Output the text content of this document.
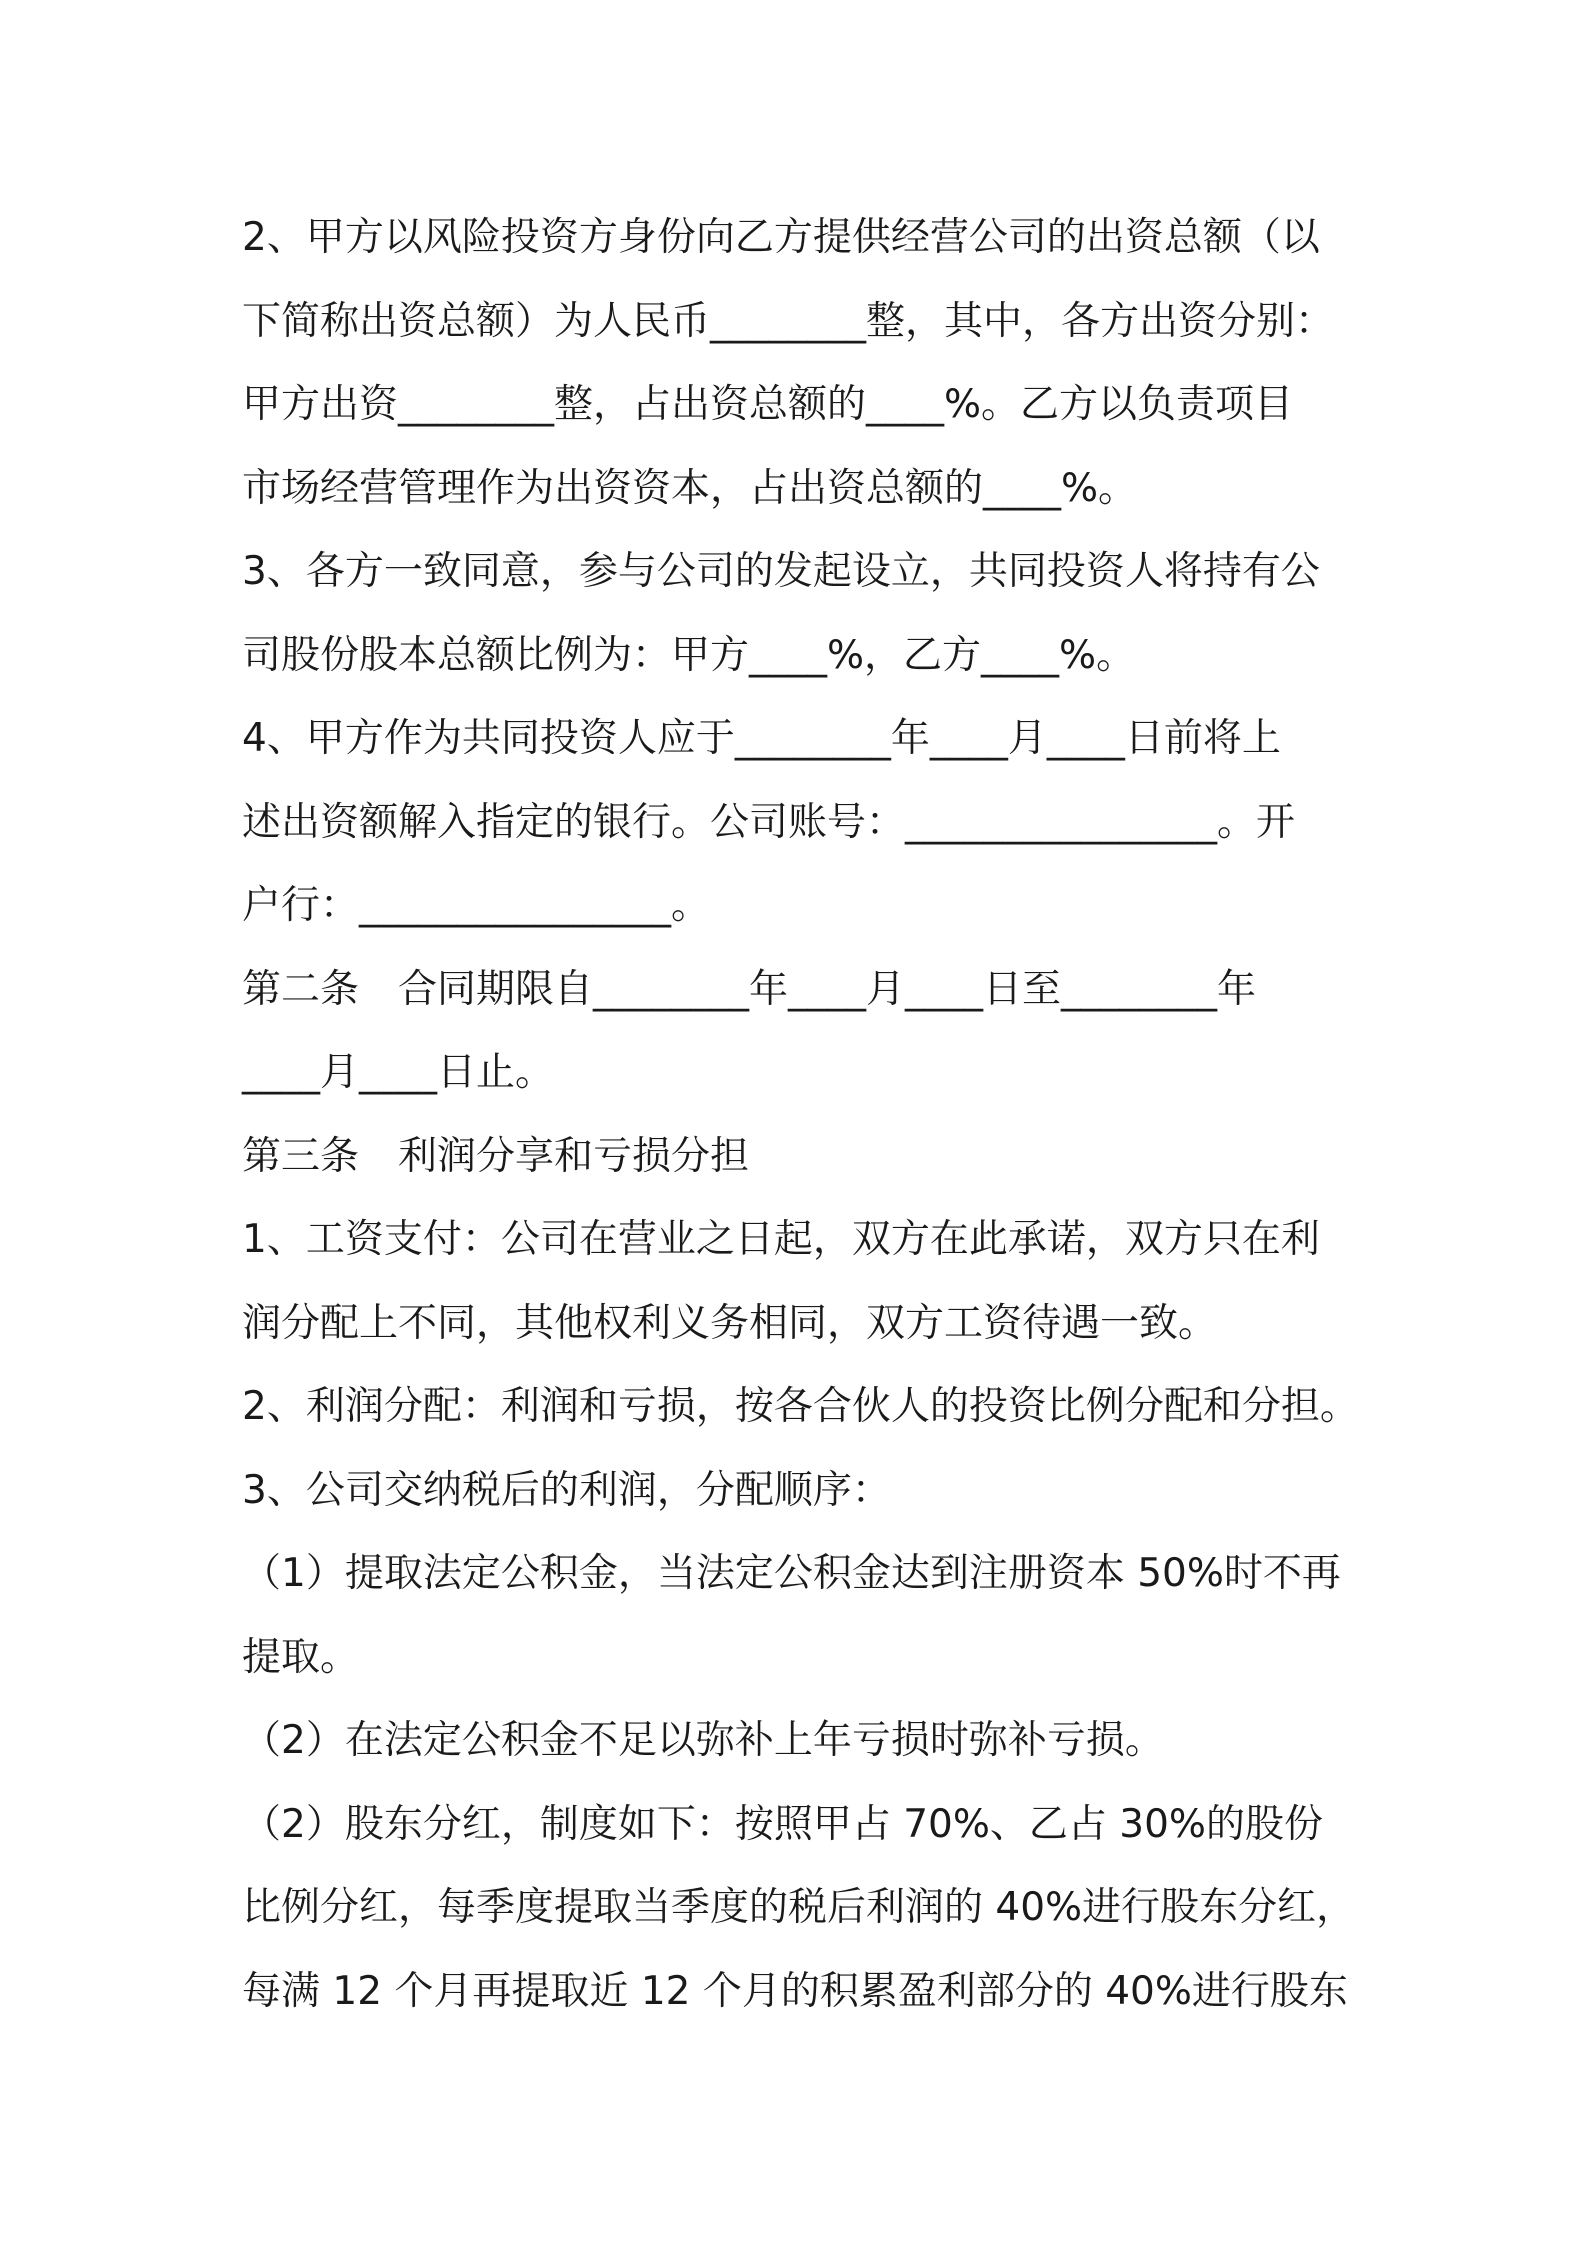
2、甲方以风险投资方身份向乙方提供经营公司的出资总额（以
下简称出资总额）为人民币________整，其中，各方出资分别：
甲方出资________整，占出资总额的____%。乙方以负责项目
市场经营管理作为出资资本，占出资总额的____%。
3、各方一致同意，参与公司的发起设立，共同投资人将持有公
司股份股本总额比例为：甲方____%，乙方____%。
4、甲方作为共同投资人应于________年____月____日前将上
述出资额解入指定的银行。公司账号：________________。开
户行：________________。
第二条　合同期限自________年____月____日至________年
____月____日止。
第三条　利润分享和亏损分担
1、工资支付：公司在营业之日起，双方在此承诺，双方只在利
润分配上不同，其他权利义务相同，双方工资待遇一致。
2、利润分配：利润和亏损，按各合伙人的投资比例分配和分担。
3、公司交纳税后的利润，分配顺序：
（1）提取法定公积金，当法定公积金达到注册资本 50%时不再
提取。
（2）在法定公积金不足以弥补上年亏损时弥补亏损。
（2）股东分红，制度如下：按照甲占 70%、乙占 30%的股份
比例分红，每季度提取当季度的税后利润的 40%进行股东分红，
每满 12 个月再提取近 12 个月的积累盈利部分的 40%进行股东
